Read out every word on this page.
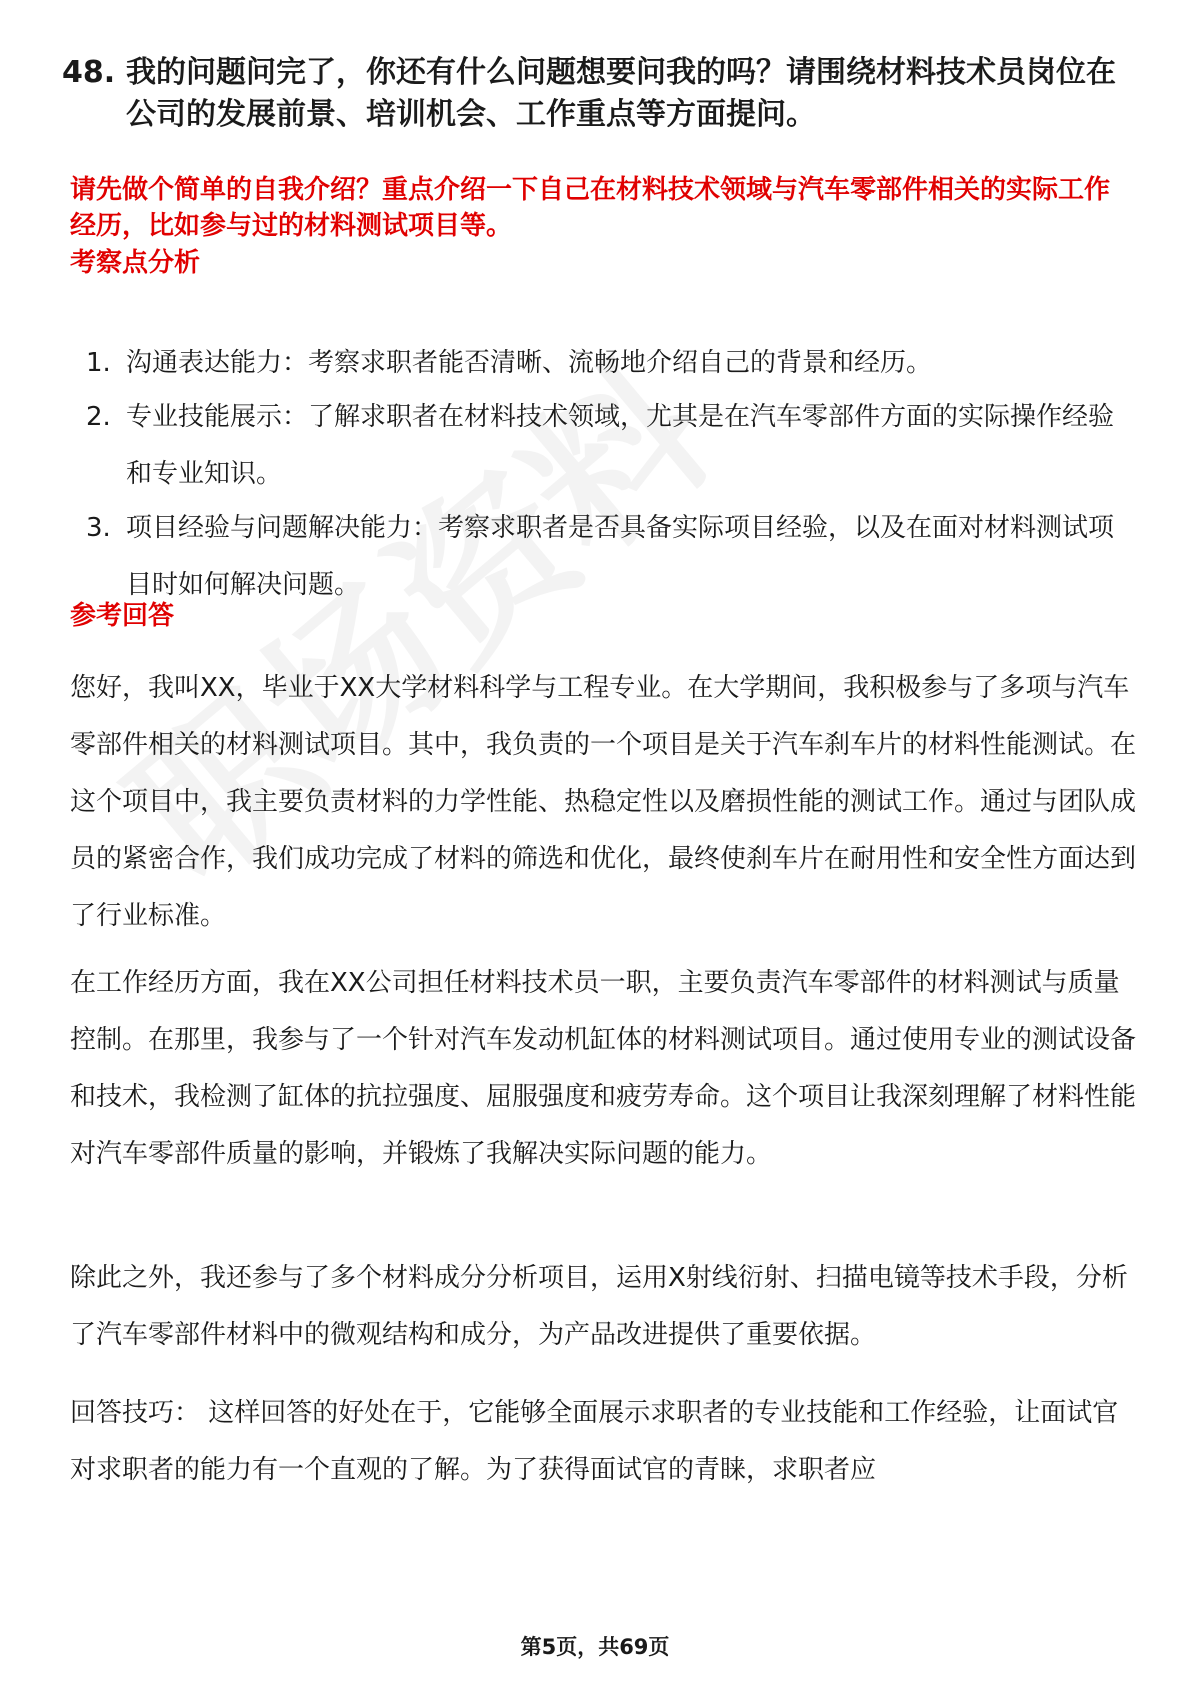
48. 我的问题问完了，你还有什么问题想要问我的吗？请围绕材料技术员岗位在公司的发展前景、培训机会、工作重点等方面提问。
请先做个简单的自我介绍？重点介绍一下自己在材料技术领域与汽车零部件相关的实际工作经历，比如参与过的材料测试项目等。
考察点分析
1. 沟通表达能力：考察求职者能否清晰、流畅地介绍自己的背景和经历。
2. 专业技能展示：了解求职者在材料技术领域，尤其是在汽车零部件方面的实际操作经验和专业知识。
3. 项目经验与问题解决能力：考察求职者是否具备实际项目经验，以及在面对材料测试项目时如何解决问题。
参考回答
您好，我叫XX，毕业于XX大学材料科学与工程专业。在大学期间，我积极参与了多项与汽车零部件相关的材料测试项目。其中，我负责的一个项目是关于汽车刹车片的材料性能测试。在这个项目中，我主要负责材料的力学性能、热稳定性以及磨损性能的测试工作。通过与团队成员的紧密合作，我们成功完成了材料的筛选和优化，最终使刹车片在耐用性和安全性方面达到了行业标准。
在工作经历方面，我在XX公司担任材料技术员一职，主要负责汽车零部件的材料测试与质量控制。在那里，我参与了一个针对汽车发动机缸体的材料测试项目。通过使用专业的测试设备和技术，我检测了缸体的抗拉强度、屈服强度和疲劳寿命。这个项目让我深刻理解了材料性能对汽车零部件质量的影响，并锻炼了我解决实际问题的能力。
除此之外，我还参与了多个材料成分分析项目，运用X射线衍射、扫描电镜等技术手段，分析了汽车零部件材料中的微观结构和成分，为产品改进提供了重要依据。
回答技巧： 这样回答的好处在于，它能够全面展示求职者的专业技能和工作经验，让面试官对求职者的能力有一个直观的了解。为了获得面试官的青睐，求职者应
第5页，共69页
